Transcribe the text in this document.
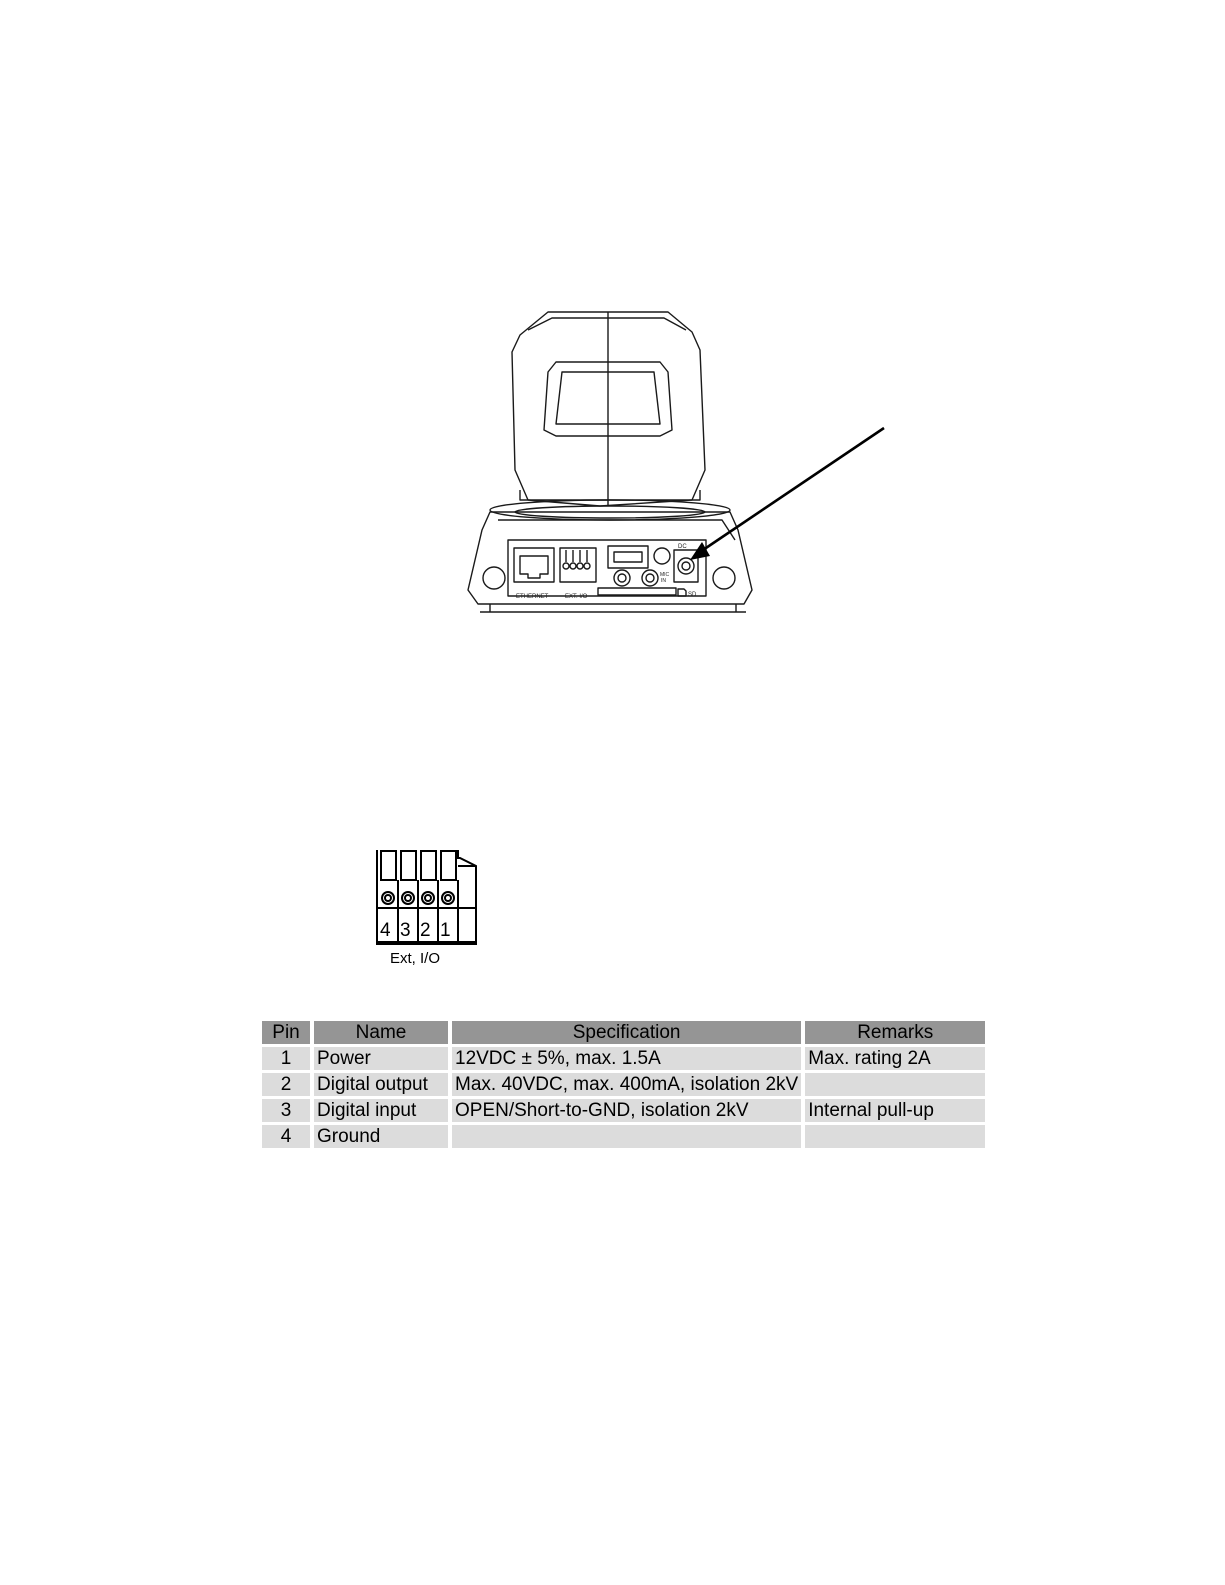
ETHERNET	EXT. I/O
MIC
IN
SD
DC
4 3 2 1
Ext, I/O
Pin	Name	Specification	Remarks
1	Power	12VDC ± 5%, max. 1.5A	Max. rating 2A
2	Digital output	Max. 40VDC, max. 400mA, isolation 2kV	
3	Digital input	OPEN/Short-to-GND, isolation 2kV	Internal pull-up
4	Ground		
